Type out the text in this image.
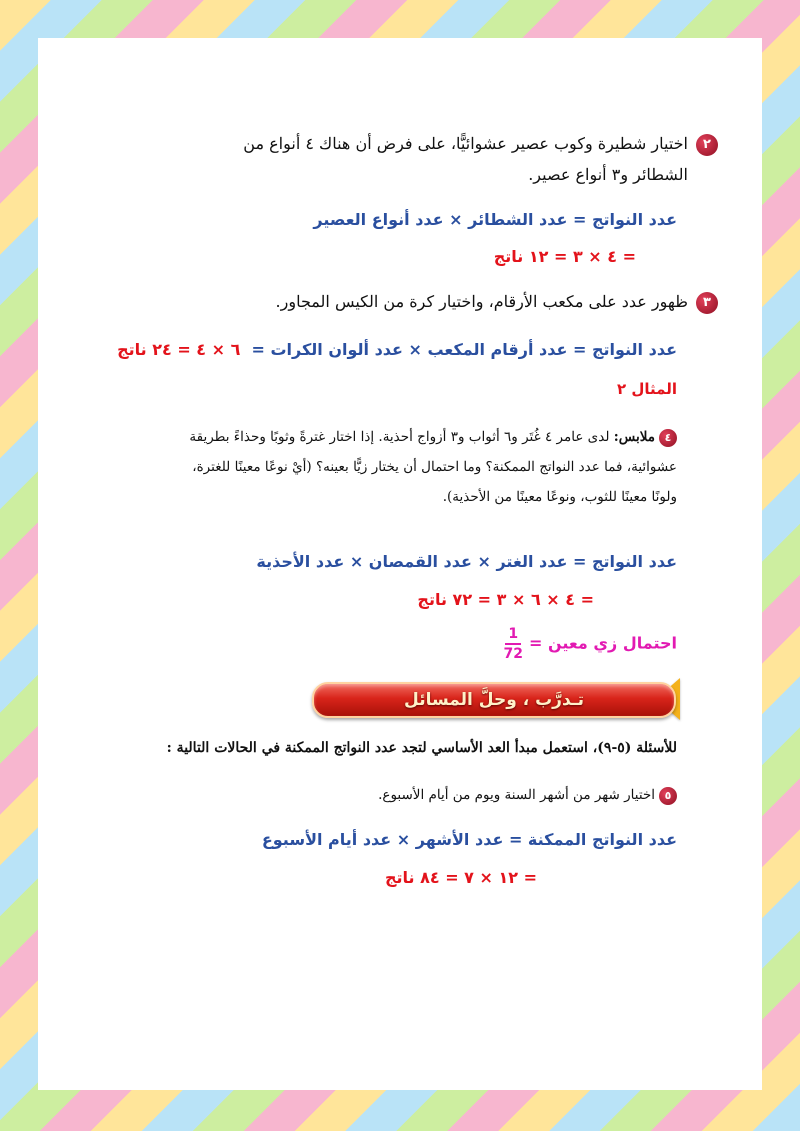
٢اختيار شطيرة وكوب عصير عشوائيًّا، على فرض أن هناك ٤ أنواع من
الشطائر و٣ أنواع عصير.
عدد النواتج = عدد الشطائر × عدد أنواع العصير
= ٤ × ٣ = ١٢ ناتج
٣ظهور عدد على مكعب الأرقام، واختيار كرة من الكيس المجاور.
عدد النواتج = عدد أرقام المكعب × عدد ألوان الكرات = ٦ × ٤ = ٢٤ ناتج
المثال ٢
٤ملابس: لدى عامر ٤ غُتَر و٦ أثواب و٣ أزواج أحذية. إذا اختار غترةً وثوبًا وحذاءً بطريقة
عشوائية، فما عدد النواتج الممكنة؟ وما احتمال أن يختار زيًّا بعينه؟ (أيْ نوعًا معينًا للغترة،
ولونًا معينًا للثوب، ونوعًا معينًا من الأحذية).
عدد النواتج = عدد الغتر × عدد القمصان × عدد الأحذية
= ٤ × ٦ × ٣ = ٧٢ ناتج
احتمال زي معين =
$\frac{1}{72}$
تـدرَّب ، وحلَّ المسائل
للأسئلة (٥-٩)، استعمل مبدأ العد الأساسي لتجد عدد النواتج الممكنة في الحالات التالية :
٥اختيار شهر من أشهر السنة ويوم من أيام الأسبوع.
عدد النواتج الممكنة = عدد الأشهر × عدد أيام الأسبوع
= ١٢ × ٧ = ٨٤ ناتج
